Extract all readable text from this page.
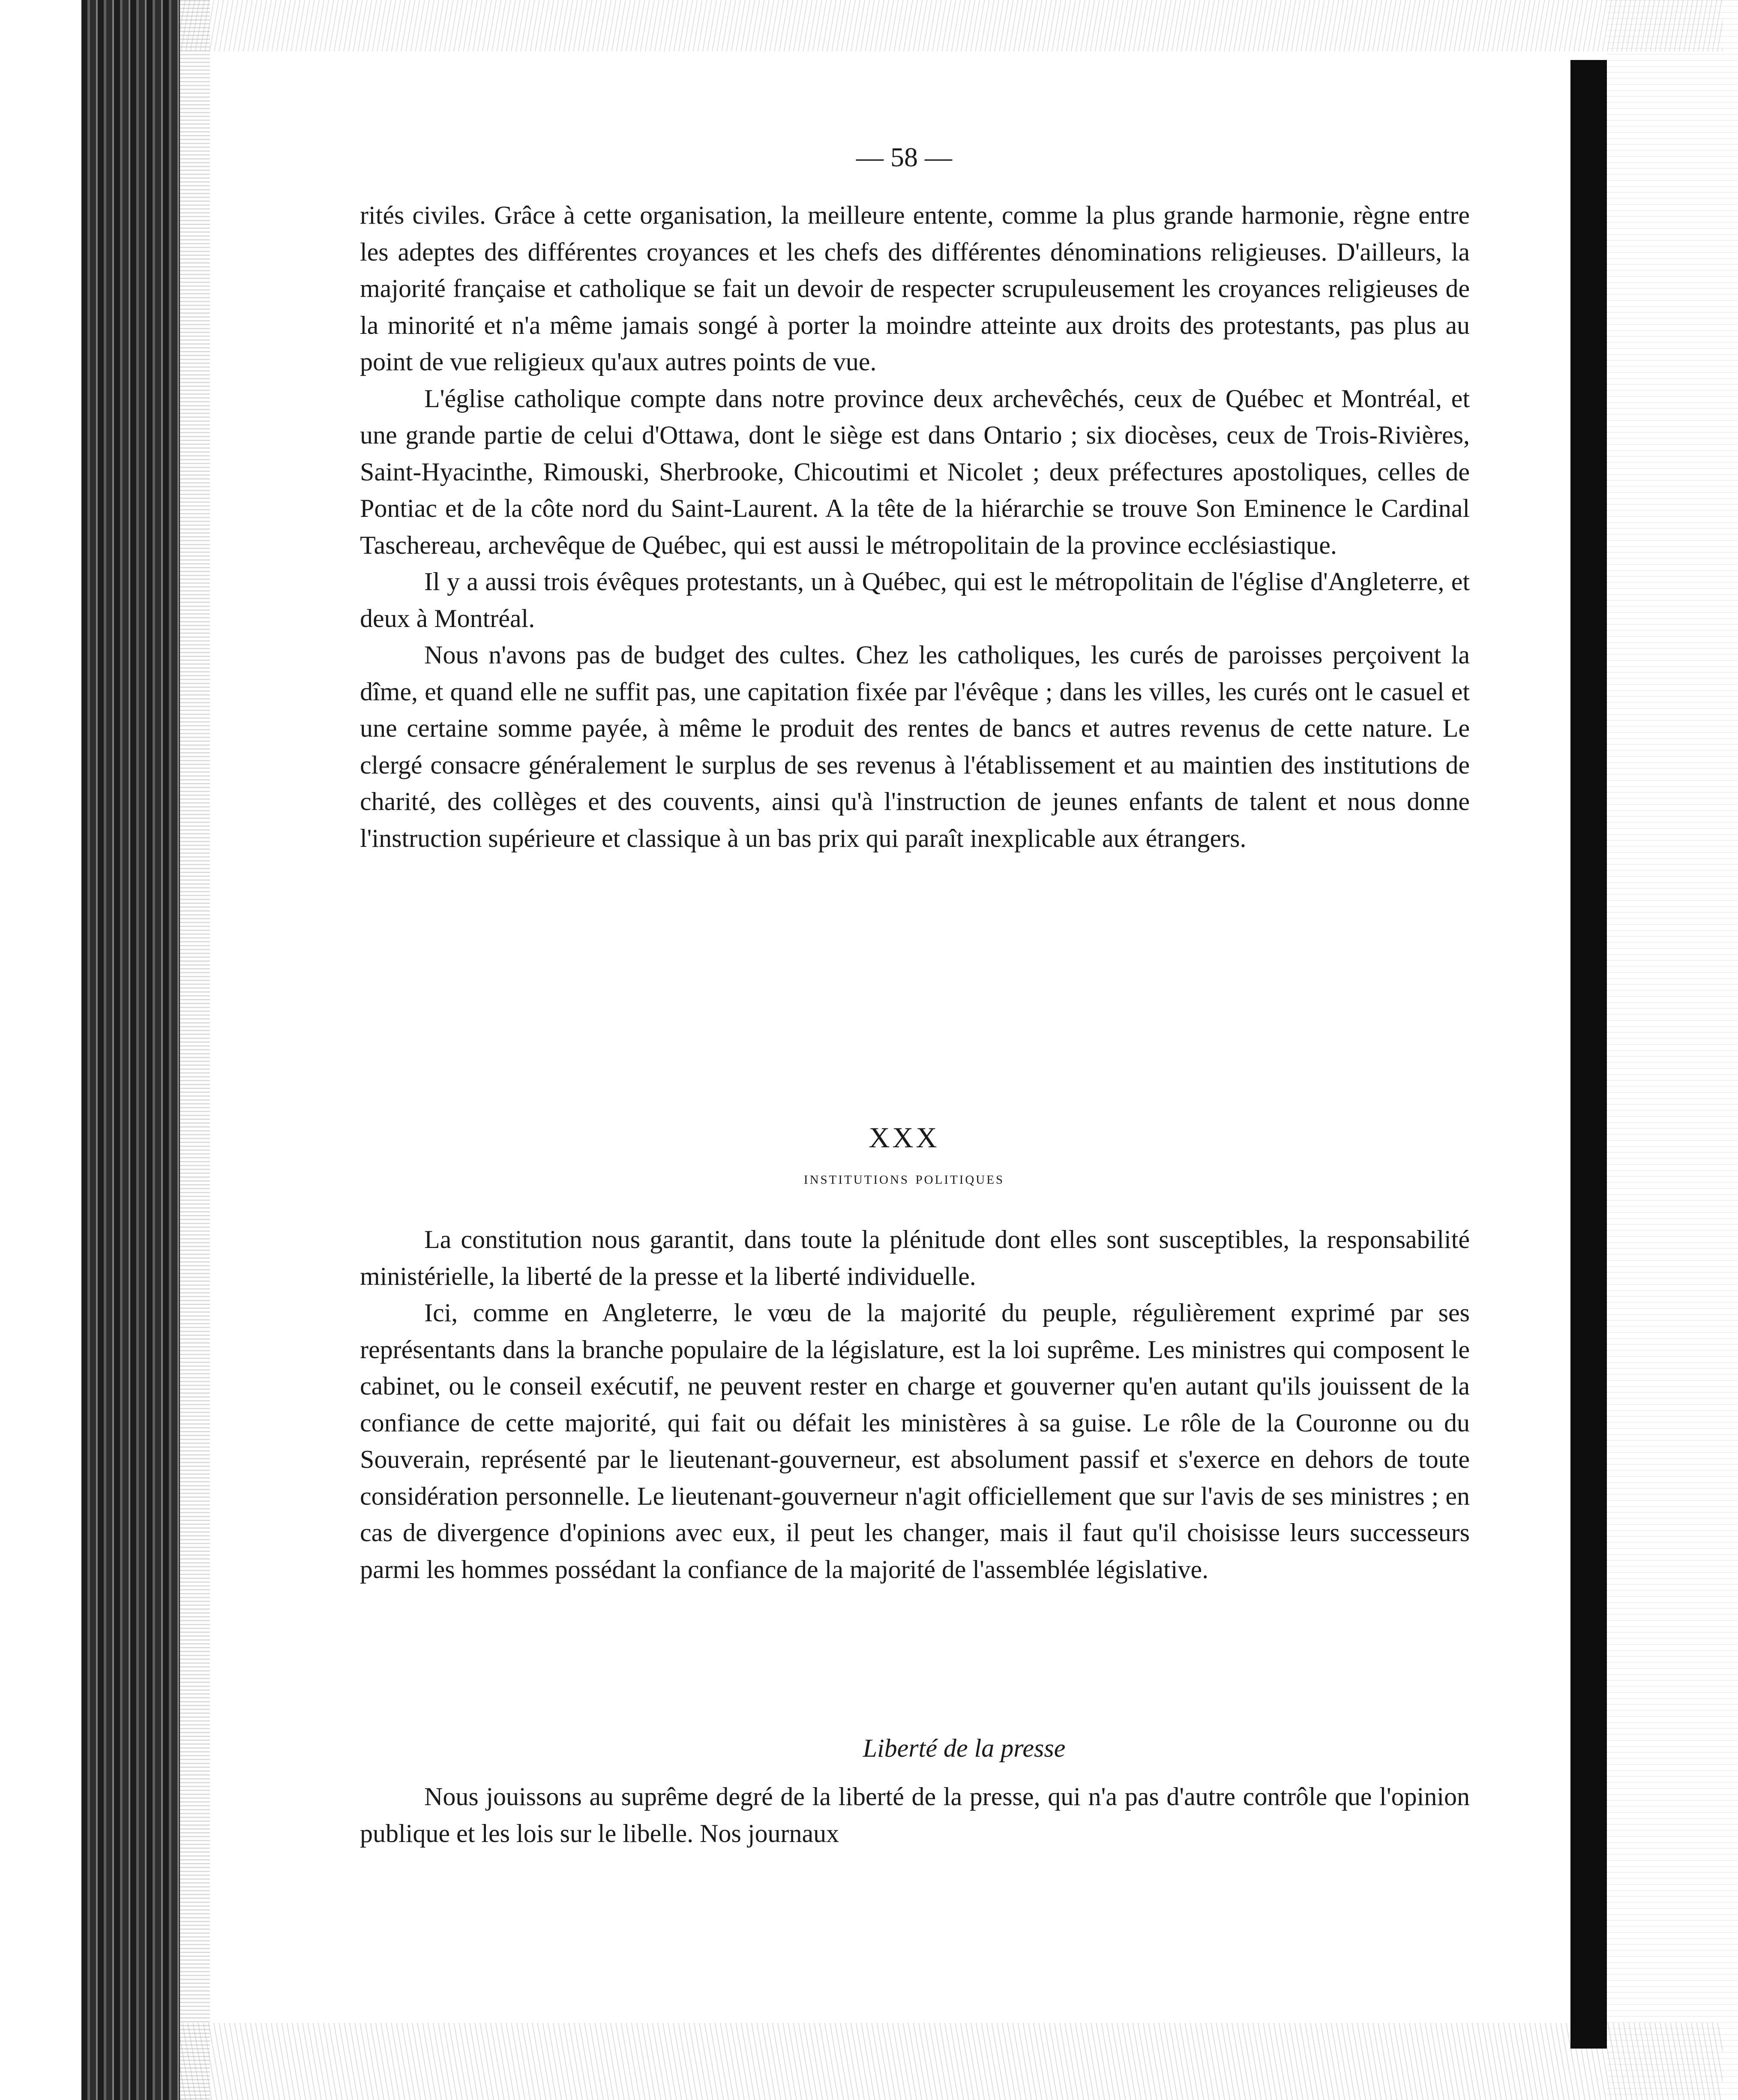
— 58 —

rités civiles. Grâce à cette organisation, la meilleure entente, comme la plus grande harmonie, règne entre les adeptes des différentes croyances et les chefs des différentes dénominations religieuses. D'ailleurs, la majorité française et catholique se fait un devoir de respecter scrupuleusement les croyances religieuses de la minorité et n'a même jamais songé à porter la moindre atteinte aux droits des protestants, pas plus au point de vue religieux qu'aux autres points de vue.

L'église catholique compte dans notre province deux archevêchés, ceux de Québec et Montréal, et une grande partie de celui d'Ottawa, dont le siège est dans Ontario ; six diocèses, ceux de Trois-Rivières, Saint-Hyacinthe, Rimouski, Sherbrooke, Chicoutimi et Nicolet ; deux préfectures apostoliques, celles de Pontiac et de la côte nord du Saint-Laurent. A la tête de la hiérarchie se trouve Son Eminence le Cardinal Taschereau, archevêque de Québec, qui est aussi le métropolitain de la province ecclésiastique.

Il y a aussi trois évêques protestants, un à Québec, qui est le métropolitain de l'église d'Angleterre, et deux à Montréal.

Nous n'avons pas de budget des cultes. Chez les catholiques, les curés de paroisses perçoivent la dîme, et quand elle ne suffit pas, une capitation fixée par l'évêque ; dans les villes, les curés ont le casuel et une certaine somme payée, à même le produit des rentes de bancs et autres revenus de cette nature. Le clergé consacre généralement le surplus de ses revenus à l'établissement et au maintien des institutions de charité, des collèges et des couvents, ainsi qu'à l'instruction de jeunes enfants de talent et nous donne l'instruction supérieure et classique à un bas prix qui paraît inexplicable aux étrangers.

XXX
institutions politiques

La constitution nous garantit, dans toute la plénitude dont elles sont susceptibles, la responsabilité ministérielle, la liberté de la presse et la liberté individuelle.

Ici, comme en Angleterre, le vœu de la majorité du peuple, régulièrement exprimé par ses représentants dans la branche populaire de la législature, est la loi suprême. Les ministres qui composent le cabinet, ou le conseil exécutif, ne peuvent rester en charge et gouverner qu'en autant qu'ils jouissent de la confiance de cette majorité, qui fait ou défait les ministères à sa guise. Le rôle de la Couronne ou du Souverain, représenté par le lieutenant-gouverneur, est absolument passif et s'exerce en dehors de toute considération personnelle. Le lieutenant-gouverneur n'agit officiellement que sur l'avis de ses ministres ; en cas de divergence d'opinions avec eux, il peut les changer, mais il faut qu'il choisisse leurs successeurs parmi les hommes possédant la confiance de la majorité de l'assemblée législative.

Liberté de la presse

Nous jouissons au suprême degré de la liberté de la presse, qui n'a pas d'autre contrôle que l'opinion publique et les lois sur le libelle. Nos journaux
